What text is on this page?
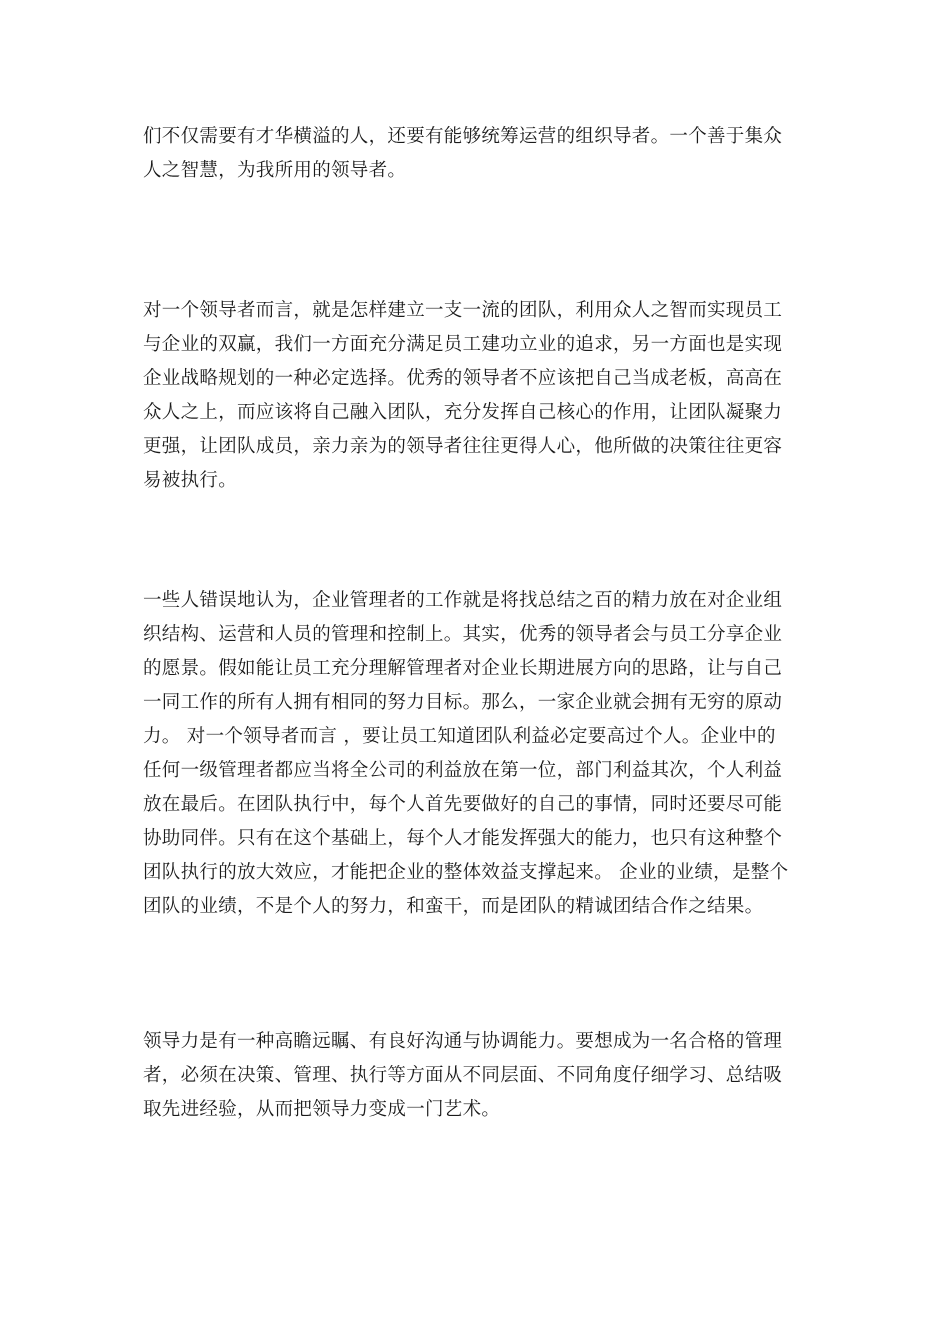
们不仅需要有才华横溢的人，还要有能够统筹运营的组织导者。一个善于集众
人之智慧，为我所用的领导者。

对一个领导者而言，就是怎样建立一支一流的团队，利用众人之智而实现员工
与企业的双赢，我们一方面充分满足员工建功立业的追求，另一方面也是实现
企业战略规划的一种必定选择。优秀的领导者不应该把自己当成老板，高高在
众人之上，而应该将自己融入团队，充分发挥自己核心的作用，让团队凝聚力
更强，让团队成员，亲力亲为的领导者往往更得人心，他所做的决策往往更容
易被执行。

一些人错误地认为，企业管理者的工作就是将找总结之百的精力放在对企业组
织结构、运营和人员的管理和控制上。其实，优秀的领导者会与员工分享企业
的愿景。假如能让员工充分理解管理者对企业长期进展方向的思路，让与自己
一同工作的所有人拥有相同的努力目标。那么，一家企业就会拥有无穷的原动
力。 对一个领导者而言 ，要让员工知道团队利益必定要高过个人。企业中的
任何一级管理者都应当将全公司的利益放在第一位，部门利益其次，个人利益
放在最后。在团队执行中，每个人首先要做好的自己的事情，同时还要尽可能
协助同伴。只有在这个基础上，每个人才能发挥强大的能力，也只有这种整个
团队执行的放大效应，才能把企业的整体效益支撑起来。 企业的业绩，是整个
团队的业绩，不是个人的努力，和蛮干，而是团队的精诚团结合作之结果。

领导力是有一种高瞻远瞩、有良好沟通与协调能力。要想成为一名合格的管理
者，必须在决策、管理、执行等方面从不同层面、不同角度仔细学习、总结吸
取先进经验，从而把领导力变成一门艺术。
